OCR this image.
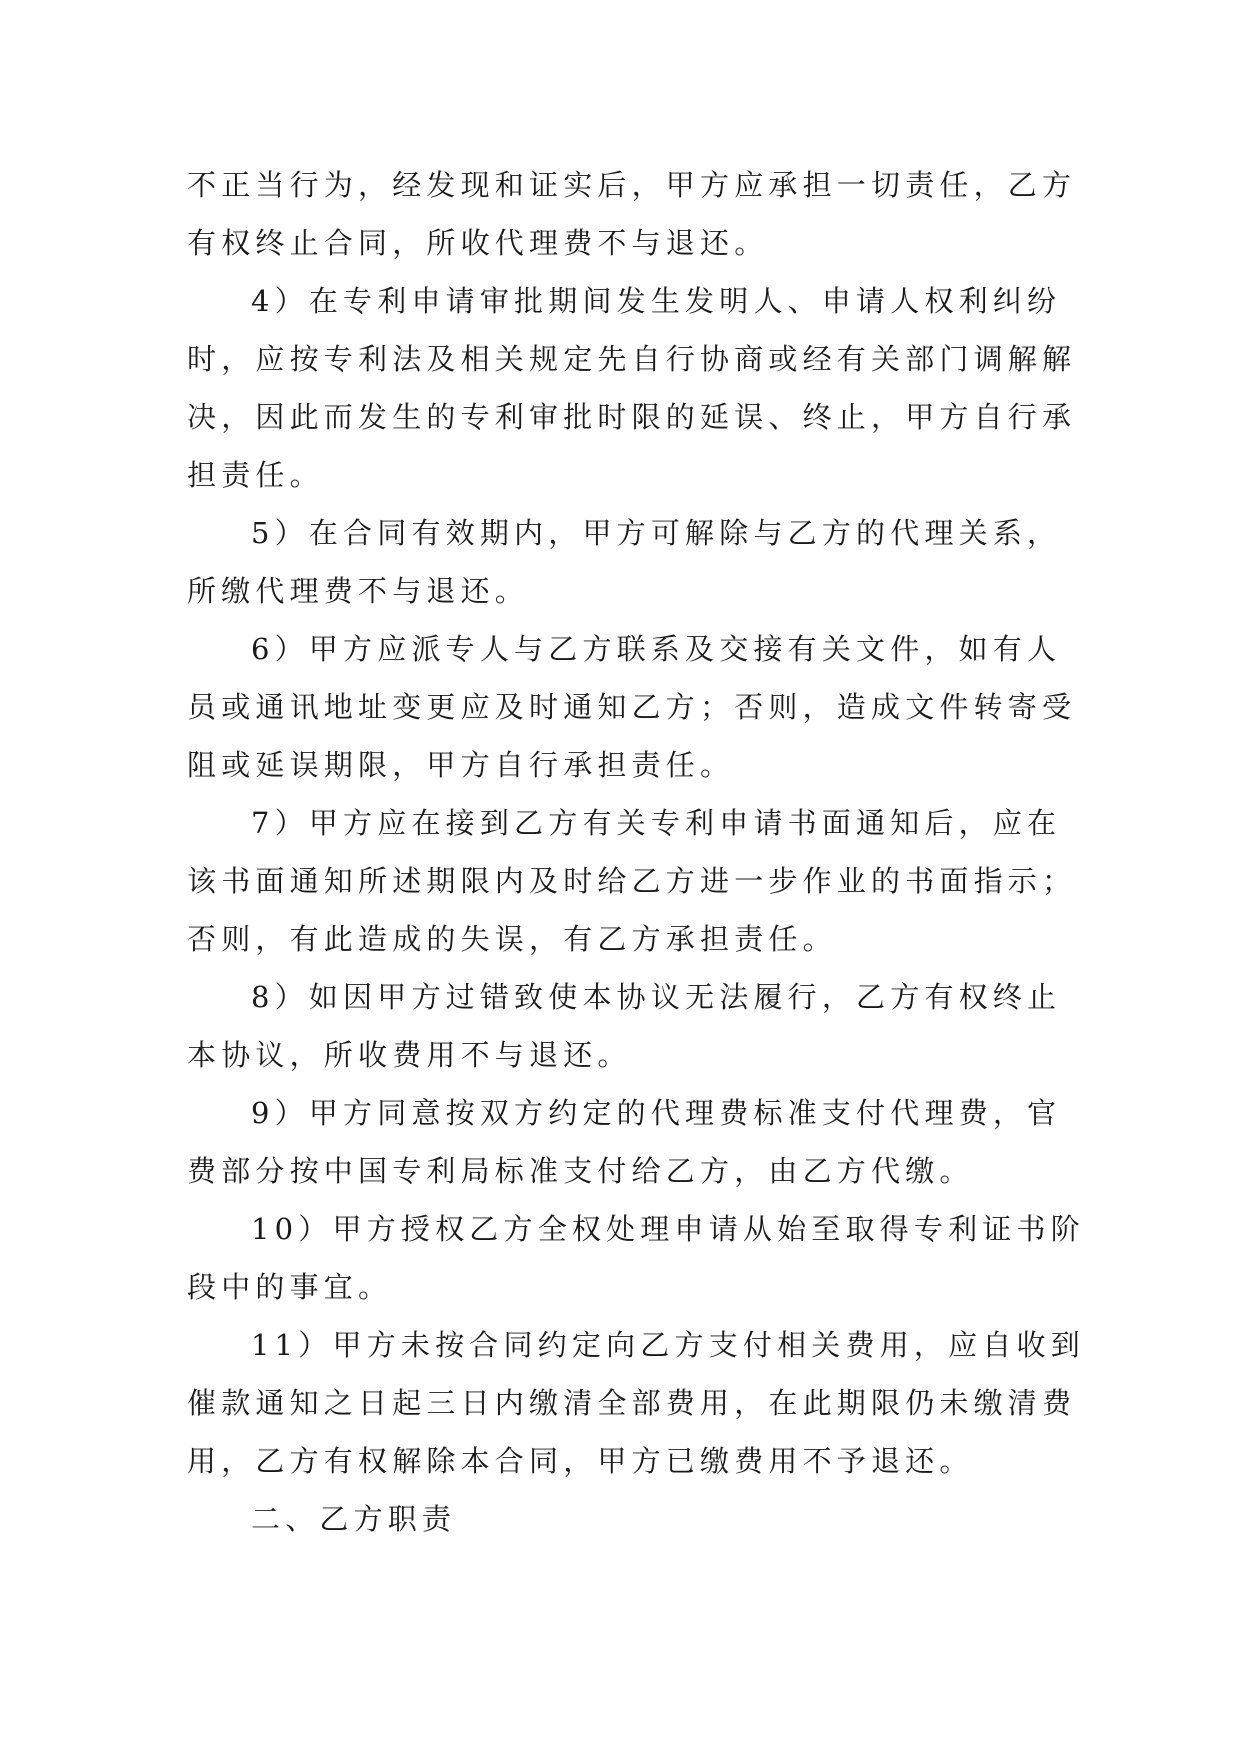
不正当行为，经发现和证实后，甲方应承担一切责任，乙方
有权终止合同，所收代理费不与退还。
4）在专利申请审批期间发生发明人、申请人权利纠纷
时，应按专利法及相关规定先自行协商或经有关部门调解解
决，因此而发生的专利审批时限的延误、终止，甲方自行承
担责任。
5）在合同有效期内，甲方可解除与乙方的代理关系，
所缴代理费不与退还。
6）甲方应派专人与乙方联系及交接有关文件，如有人
员或通讯地址变更应及时通知乙方；否则，造成文件转寄受
阻或延误期限，甲方自行承担责任。
7）甲方应在接到乙方有关专利申请书面通知后，应在
该书面通知所述期限内及时给乙方进一步作业的书面指示；
否则，有此造成的失误，有乙方承担责任。
8）如因甲方过错致使本协议无法履行，乙方有权终止
本协议，所收费用不与退还。
9）甲方同意按双方约定的代理费标准支付代理费，官
费部分按中国专利局标准支付给乙方，由乙方代缴。
10）甲方授权乙方全权处理申请从始至取得专利证书阶
段中的事宜。
11）甲方未按合同约定向乙方支付相关费用，应自收到
催款通知之日起三日内缴清全部费用，在此期限仍未缴清费
用，乙方有权解除本合同，甲方已缴费用不予退还。
二、乙方职责
